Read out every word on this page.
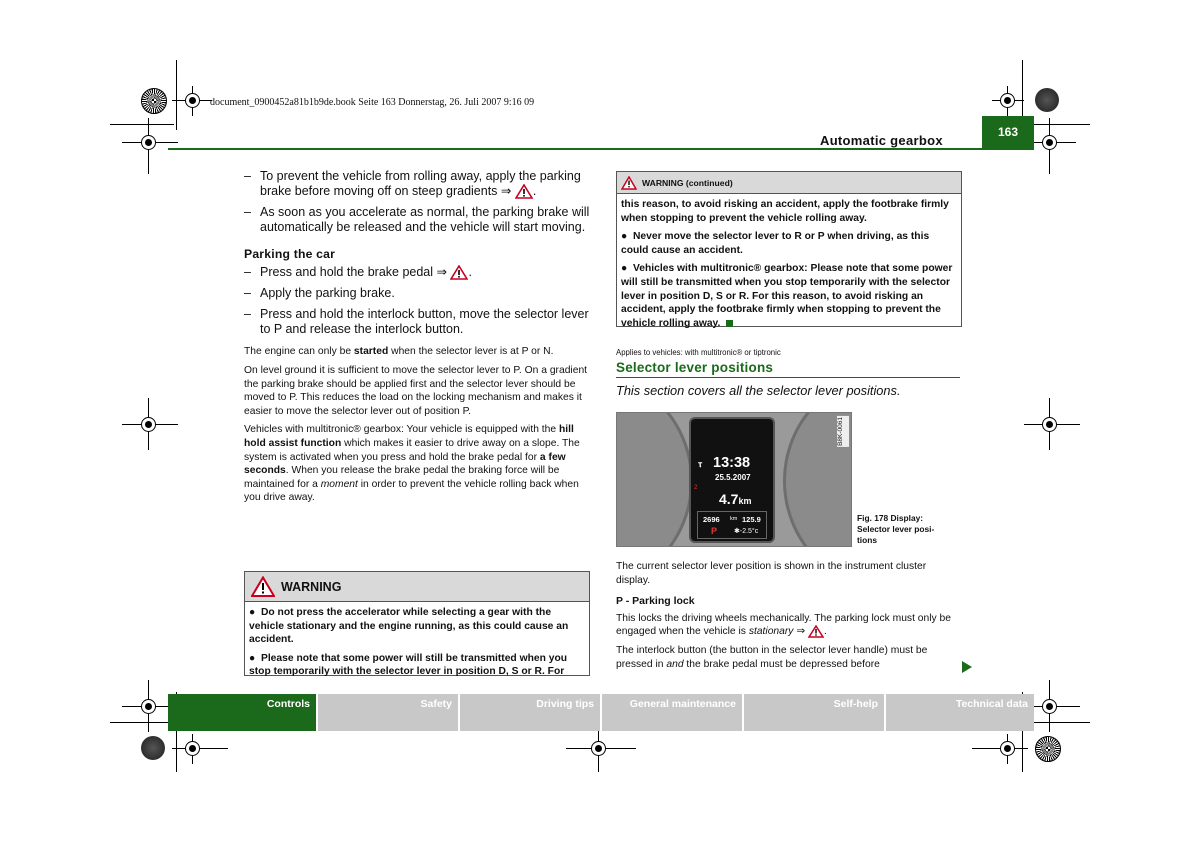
document_0900452a81b1b9de.book Seite 163 Donnerstag, 26. Juli 2007 9:16 09
Automatic gearbox
163
– To prevent the vehicle from rolling away, apply the parking brake before moving off on steep gradients ⇒ .
– As soon as you accelerate as normal, the parking brake will automatically be released and the vehicle will start moving.
Parking the car
– Press and hold the brake pedal ⇒ .
– Apply the parking brake.
– Press and hold the interlock button, move the selector lever to P and release the interlock button.
The engine can only be started when the selector lever is at P or N.
On level ground it is sufficient to move the selector lever to P. On a gradient the parking brake should be applied first and the selector lever should be moved to P. This reduces the load on the locking mechanism and makes it easier to move the selector lever out of position P.
Vehicles with multitronic® gearbox: Your vehicle is equipped with the hill hold assist function which makes it easier to drive away on a slope. The system is activated when you press and hold the brake pedal for a few seconds. When you release the brake pedal the braking force will be maintained for a moment in order to prevent the vehicle rolling back when you drive away.
WARNING
●  Do not press the accelerator while selecting a gear with the vehicle stationary and the engine running, as this could cause an accident.
●  Please note that some power will still be transmitted when you stop temporarily with the selector lever in position D, S or R. For
WARNING (continued)
this reason, to avoid risking an accident, apply the footbrake firmly when stopping to prevent the vehicle rolling away.
●  Never move the selector lever to R or P when driving, as this could cause an accident.
●  Vehicles with multitronic® gearbox: Please note that some power will still be transmitted when you stop temporarily with the selector lever in position D, S or R. For this reason, to avoid risking an accident, apply the footbrake firmly when stopping to prevent the vehicle rolling away.
Applies to vehicles: with multitronic® or tiptronic
Selector lever positions
This section covers all the selector lever positions.
ⲧ 13:38
25.5.2007
2
4.7km
2696 km 125.9
P ✱-2.5°c
B8K-0061
Fig. 178 Display:
Selector lever posi-
tions
The current selector lever position is shown in the instrument cluster display.
P - Parking lock
This locks the driving wheels mechanically. The parking lock must only be engaged when the vehicle is stationary ⇒ .
The interlock button (the button in the selector lever handle) must be pressed in and the brake pedal must be depressed before
Controls	Safety	Driving tips	General maintenance	Self-help	Technical data
